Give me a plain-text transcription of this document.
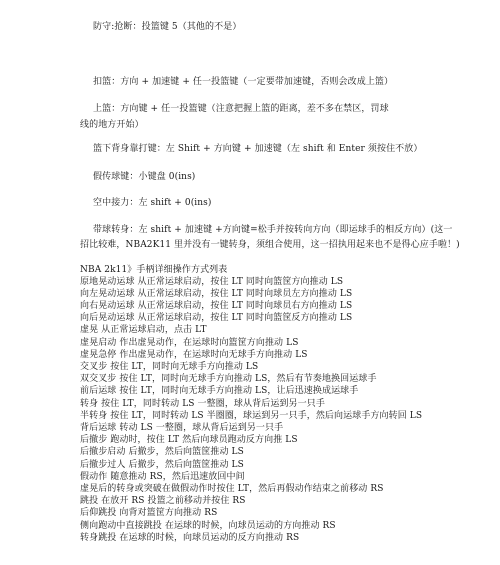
防守:抢断：投篮键 5（其他的不是）
扣篮：方向 + 加速键 + 任一投篮键（一定要带加速键，否则会改成上篮）
上篮：方向键 + 任一投篮键（注意把握上篮的距离，差不多在禁区，罚球
线的地方开始）
篮下背身靠打键：左 Shift + 方向键 + 加速键（左 shift 和 Enter 须按住不放）
假传球键：小键盘 0(ins)
空中接力：左 shift + 0(ins)
带球转身：左 shift + 加速键 +方向键=松手并按转向方向（即运球手的相反方向）(这一
招比较难，NBA2K11 里并没有一键转身，须组合使用，这一招执用起来也不是得心应手啦！)
NBA 2k11》手柄详细操作方式列表
原地晃动运球 从正常运球启动，按住 LT 同时向篮筐方向推动 LS
向左晃动运球 从正常运球启动，按住 LT 同时向球员左方向推动 LS
向右晃动运球 从正常运球启动，按住 LT 同时向球员右方向推动 LS
向后晃动运球 从正常运球启动，按住 LT 同时向篮筐反方向推动 LS
虚晃 从正常运球启动，点击 LT
虚晃启动 作出虚晃动作，在运球时向篮筐方向推动 LS
虚晃急停 作出虚晃动作，在运球时向无球手方向推动 LS
交叉步 按住 LT，同时向无球手方向推动 LS
双交叉步 按住 LT，同时向无球手方向推动 LS，然后有节奏地换回运球手
前后运球 按住 LT，同时向无球手方向推动 LS，让后迅速换成运球手
转身 按住 LT，同时转动 LS 一整圈，球从背后运到另一只手
半转身 按住 LT，同时转动 LS 半圈圈，球运到另一只手，然后向运球手方向转回 LS
背后运球 转动 LS 一整圈，球从背后运到另一只手
后撤步 跑动时，按住 LT 然后向球员跑动反方向推 LS
后撤步启动 后撤步，然后向篮筐推动 LS
后撤步过人 后撤步，然后向篮筐推动 LS
假动作 随意推动 RS，然后迅速放回中间
虚晃后的转身或突破在做假动作时按住 LT，然后再假动作结束之前移动 RS
跳投 在放开 RS 投篮之前移动并按住 RS
后仰跳投 向背对篮筐方向推动 RS
侧向跑动中直接跳投 在运球的时候，向球员运动的方向推动 RS
转身跳投 在运球的时候，向球员运动的反方向推动 RS
